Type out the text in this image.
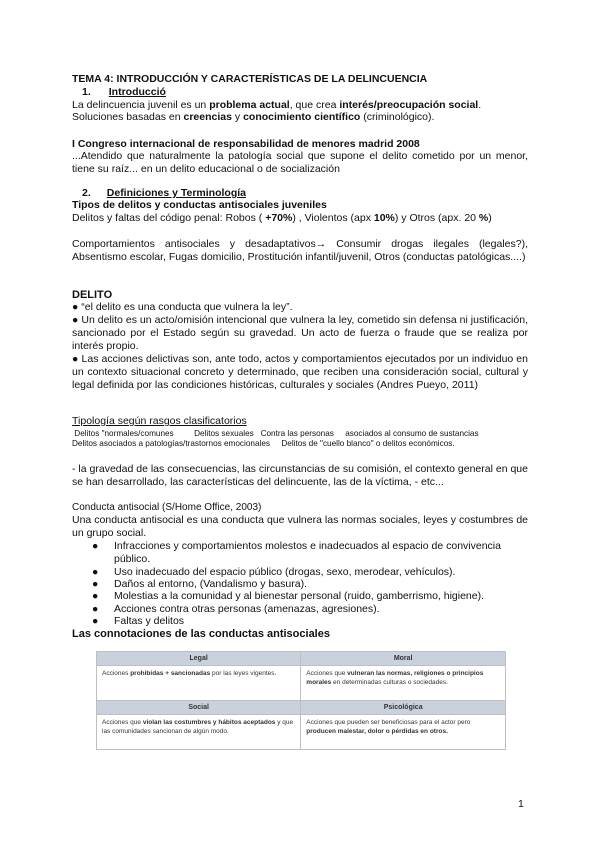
TEMA 4: INTRODUCCIÓN Y CARACTERÍSTICAS DE LA DELINCUENCIA
1. Introducció
La delincuencia juvenil es un problema actual, que crea interés/preocupación social.
Soluciones basadas en creencias y conocimiento científico (criminológico).
I Congreso internacional de responsabilidad de menores madrid 2008
...Atendido que naturalmente la patología social que supone el delito cometido por un menor, tiene su raíz... en un delito educacional o de socialización
2. Definiciones y Terminología
Tipos de delitos y conductas antisociales juveniles
Delitos y faltas del código penal: Robos ( +70%) , Violentos (apx 10%) y Otros (apx. 20 %)
Comportamientos antisociales y desadaptativos→ Consumir drogas ilegales (legales?), Absentismo escolar, Fugas domicilio, Prostitución infantil/juvenil, Otros (conductas patológicas....)
DELITO
● “el delito es una conducta que vulnera la ley”.
● Un delito es un acto/omisión intencional que vulnera la ley, cometido sin defensa ni justificación, sancionado por el Estado según su gravedad. Un acto de fuerza o fraude que se realiza por interés propio.
● Las acciones delictivas son, ante todo, actos y comportamientos ejecutados por un individuo en un contexto situacional concreto y determinado, que reciben una consideración social, cultural y legal definida por las condiciones históricas, culturales y sociales (Andres Pueyo, 2011)
Tipología según rasgos clasificatorios
Delitos "normales/comunes         Delitos sexuales   Contra las personas     asociados al consumo de sustancias
Delitos asociados a patologías/trastornos emocionales     Delitos de "cuello blanco" o delitos económicos.
- la gravedad de las consecuencias, las circunstancias de su comisión, el contexto general en que se han desarrollado, las características del delincuente, las de la víctima, - etc...
Conducta antisocial (S/Home Office, 2003)
Una conducta antisocial es una conducta que vulnera las normas sociales, leyes y costumbres de un grupo social.
● Infracciones y comportamientos molestos e inadecuados al espacio de convivencia público.
● Uso inadecuado del espacio público (drogas, sexo, merodear, vehículos).
● Daños al entorno, (Vandalismo y basura).
● Molestias a la comunidad y al bienestar personal (ruido, gamberrismo, higiene).
● Acciones contra otras personas (amenazas, agresiones).
● Faltas y delitos
Las connotaciones de las conductas antisociales
Legal	Moral
Acciones prohibidas + sancionadas por las leyes vigentes.	Acciones que vulneran las normas, religiones o principios morales en determinadas culturas o sociedades.
Social	Psicológica
Acciones que violan las costumbres y hábitos aceptados y que las comunidades sancionan de algún modo.	Acciones que pueden ser beneficiosas para el actor pero producen malestar, dolor o pérdidas en otros.
1
